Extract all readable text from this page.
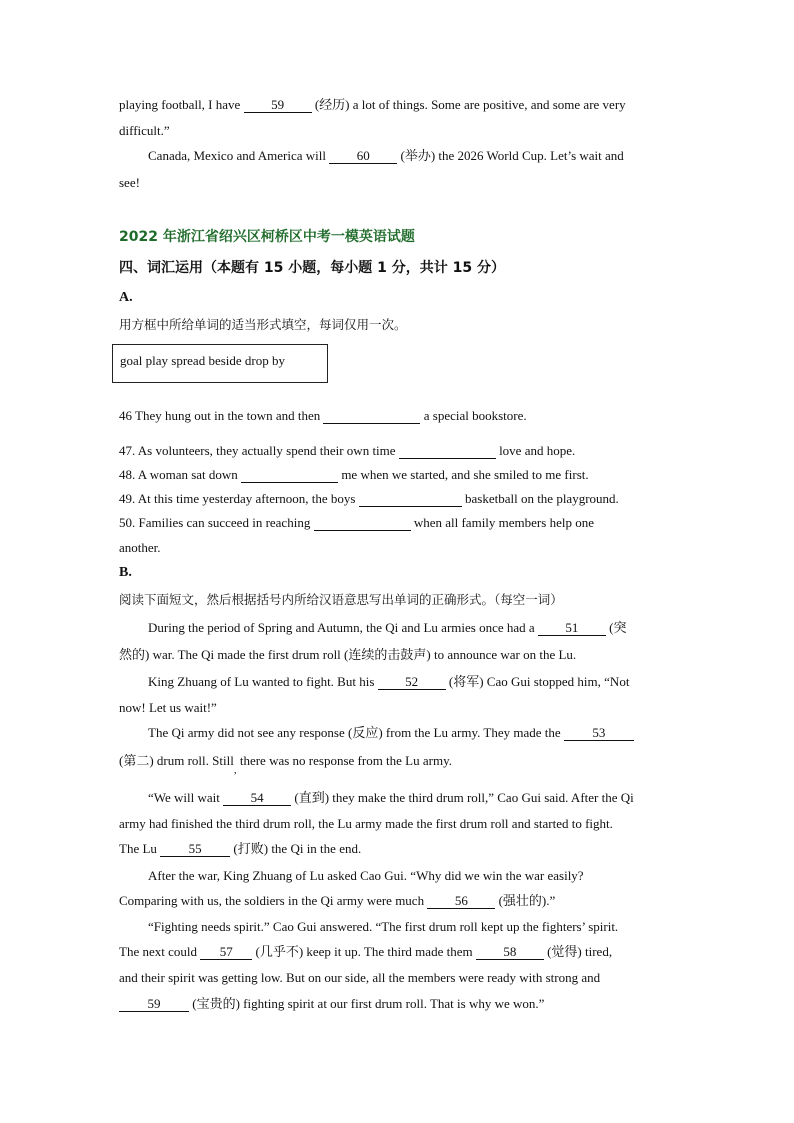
playing football, I have 59 (经历) a lot of things. Some are positive, and some are very
difficult.”
Canada, Mexico and America will 60 (举办) the 2026 World Cup. Let’s wait and
see!
2022 年浙江省绍兴区柯桥区中考一模英语试题
四、词汇运用（本题有 15 小题，每小题 1 分，共计 15 分）
A.
用方框中所给单词的适当形式填空，每词仅用一次。
goal play spread beside drop by
46 They hung out in the town and then	a special bookstore.
47. As volunteers, they actually spend their own time	love and hope.
48. A woman sat down	me when we started, and she smiled to me first.
49. At this time yesterday afternoon, the boys	basketball on the playground.
50. Families can succeed in reaching	when all family members help one
another.
B.
阅读下面短文，然后根据括号内所给汉语意思写出单词的正确形式。（每空一词）
During the period of Spring and Autumn, the Qi and Lu armies once had a 51 (突
然的) war. The Qi made the first drum roll (连续的击鼓声) to announce war on the Lu.
King Zhuang of Lu wanted to fight. But his 52 (将军) Cao Gui stopped him, “Not
now! Let us wait!”
The Qi army did not see any response (反应) from the Lu army. They made the 53
(第二) drum roll. Still$_,$ there was no response from the Lu army.
“We will wait 54 (直到) they make the third drum roll,” Cao Gui said. After the Qi
army had finished the third drum roll, the Lu army made the first drum roll and started to fight.
The Lu 55 (打败) the Qi in the end.
After the war, King Zhuang of Lu asked Cao Gui. “Why did we win the war easily?
Comparing with us, the soldiers in the Qi army were much 56 (强壮的).”
“Fighting needs spirit.” Cao Gui answered. “The first drum roll kept up the fighters’ spirit.
The next could 57 (几乎不) keep it up. The third made them 58 (觉得) tired,
and their spirit was getting low. But on our side, all the members were ready with strong and
59 (宝贵的) fighting spirit at our first drum roll. That is why we won.”
